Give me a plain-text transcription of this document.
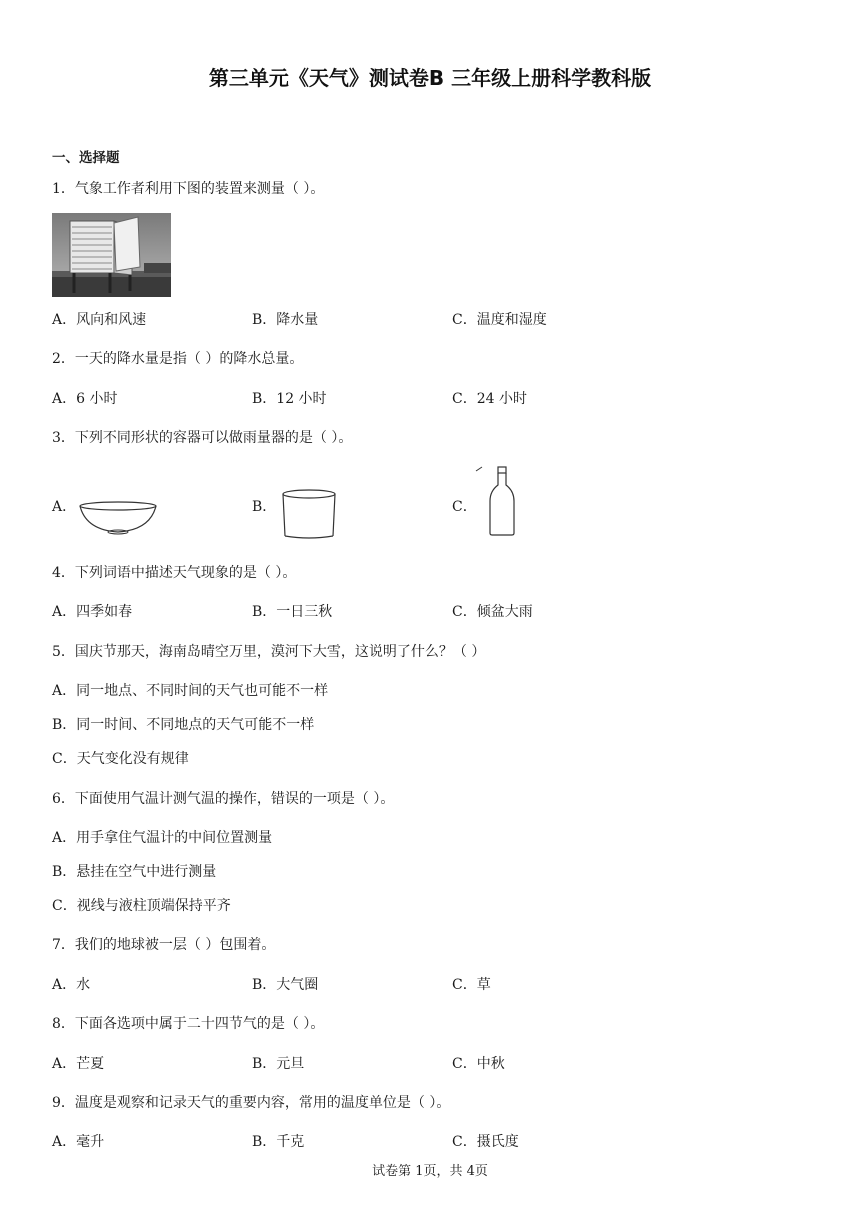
第三单元《天气》测试卷B 三年级上册科学教科版
一、选择题
1．气象工作者利用下图的装置来测量（ ）。
A．风向和风速	B．降水量	C．温度和湿度
2．一天的降水量是指（ ）的降水总量。
A．6 小时	B．12 小时	C．24 小时
3．下列不同形状的容器可以做雨量器的是（ ）。
A．	B．	C．
4．下列词语中描述天气现象的是（ ）。
A．四季如春	B．一日三秋	C．倾盆大雨
5．国庆节那天，海南岛晴空万里，漠河下大雪，这说明了什么？（ ）
A．同一地点、不同时间的天气也可能不一样
B．同一时间、不同地点的天气可能不一样
C．天气变化没有规律
6．下面使用气温计测气温的操作，错误的一项是（ ）。
A．用手拿住气温计的中间位置测量
B．悬挂在空气中进行测量
C．视线与液柱顶端保持平齐
7．我们的地球被一层（ ）包围着。
A．水	B．大气圈	C．草
8．下面各选项中属于二十四节气的是（ ）。
A．芒夏	B．元旦	C．中秋
9．温度是观察和记录天气的重要内容，常用的温度单位是（ ）。
A．毫升	B．千克	C．摄氏度
试卷第 1页，共 4页
